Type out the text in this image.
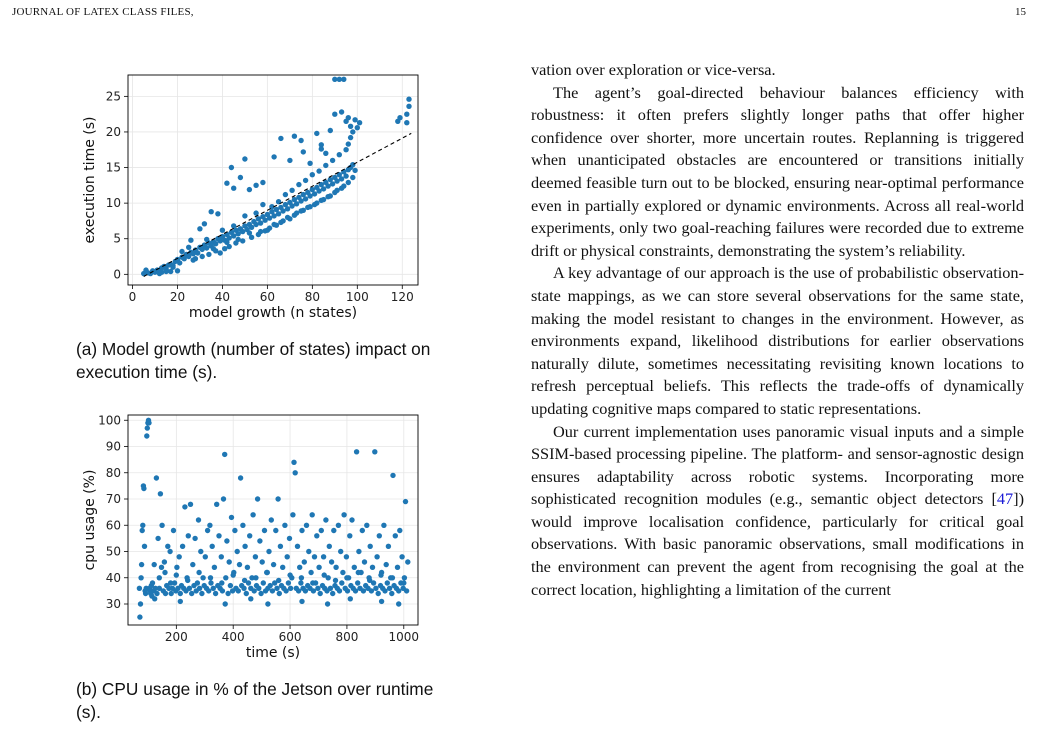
JOURNAL OF LATEX CLASS FILES,	15
0	20 40 60 80 100 120
0
5
10
15
20
25
model growth (n states)
execution time (s)
(a) Model growth (number of states) impact on execution time (s).
200	400	600	800	1000
30
40
50
60
70
80
90
100
time (s)
cpu usage (%)
(b) CPU usage in % of the Jetson over runtime (s).

vation over exploration or vice-versa.

The agent’s goal-directed behaviour balances efficiency with robustness: it often prefers slightly longer paths that offer higher confidence over shorter, more uncertain routes. Replanning is triggered when unanticipated obstacles are encountered or transitions initially deemed feasible turn out to be blocked, ensuring near-optimal performance even in partially explored or dynamic environments. Across all real-world experiments, only two goal-reaching failures were recorded due to extreme drift or physical constraints, demonstrating the system’s reliability.

A key advantage of our approach is the use of probabilistic observation-state mappings, as we can store several observations for the same state, making the model resistant to changes in the environment. However, as environments expand, likelihood distributions for earlier observations naturally dilute, sometimes necessitating revisiting known locations to refresh perceptual beliefs. This reflects the trade-offs of dynamically updating cognitive maps compared to static representations.

Our current implementation uses panoramic visual inputs and a simple SSIM-based processing pipeline. The platform- and sensor-agnostic design ensures adaptability across robotic systems. Incorporating more sophisticated recognition modules (e.g., semantic object detectors [47]) would improve localisation confidence, particularly for critical goal observations. With basic panoramic observations, small modifications in the environment can prevent the agent from recognising the goal at the correct location, highlighting a limitation of the current
